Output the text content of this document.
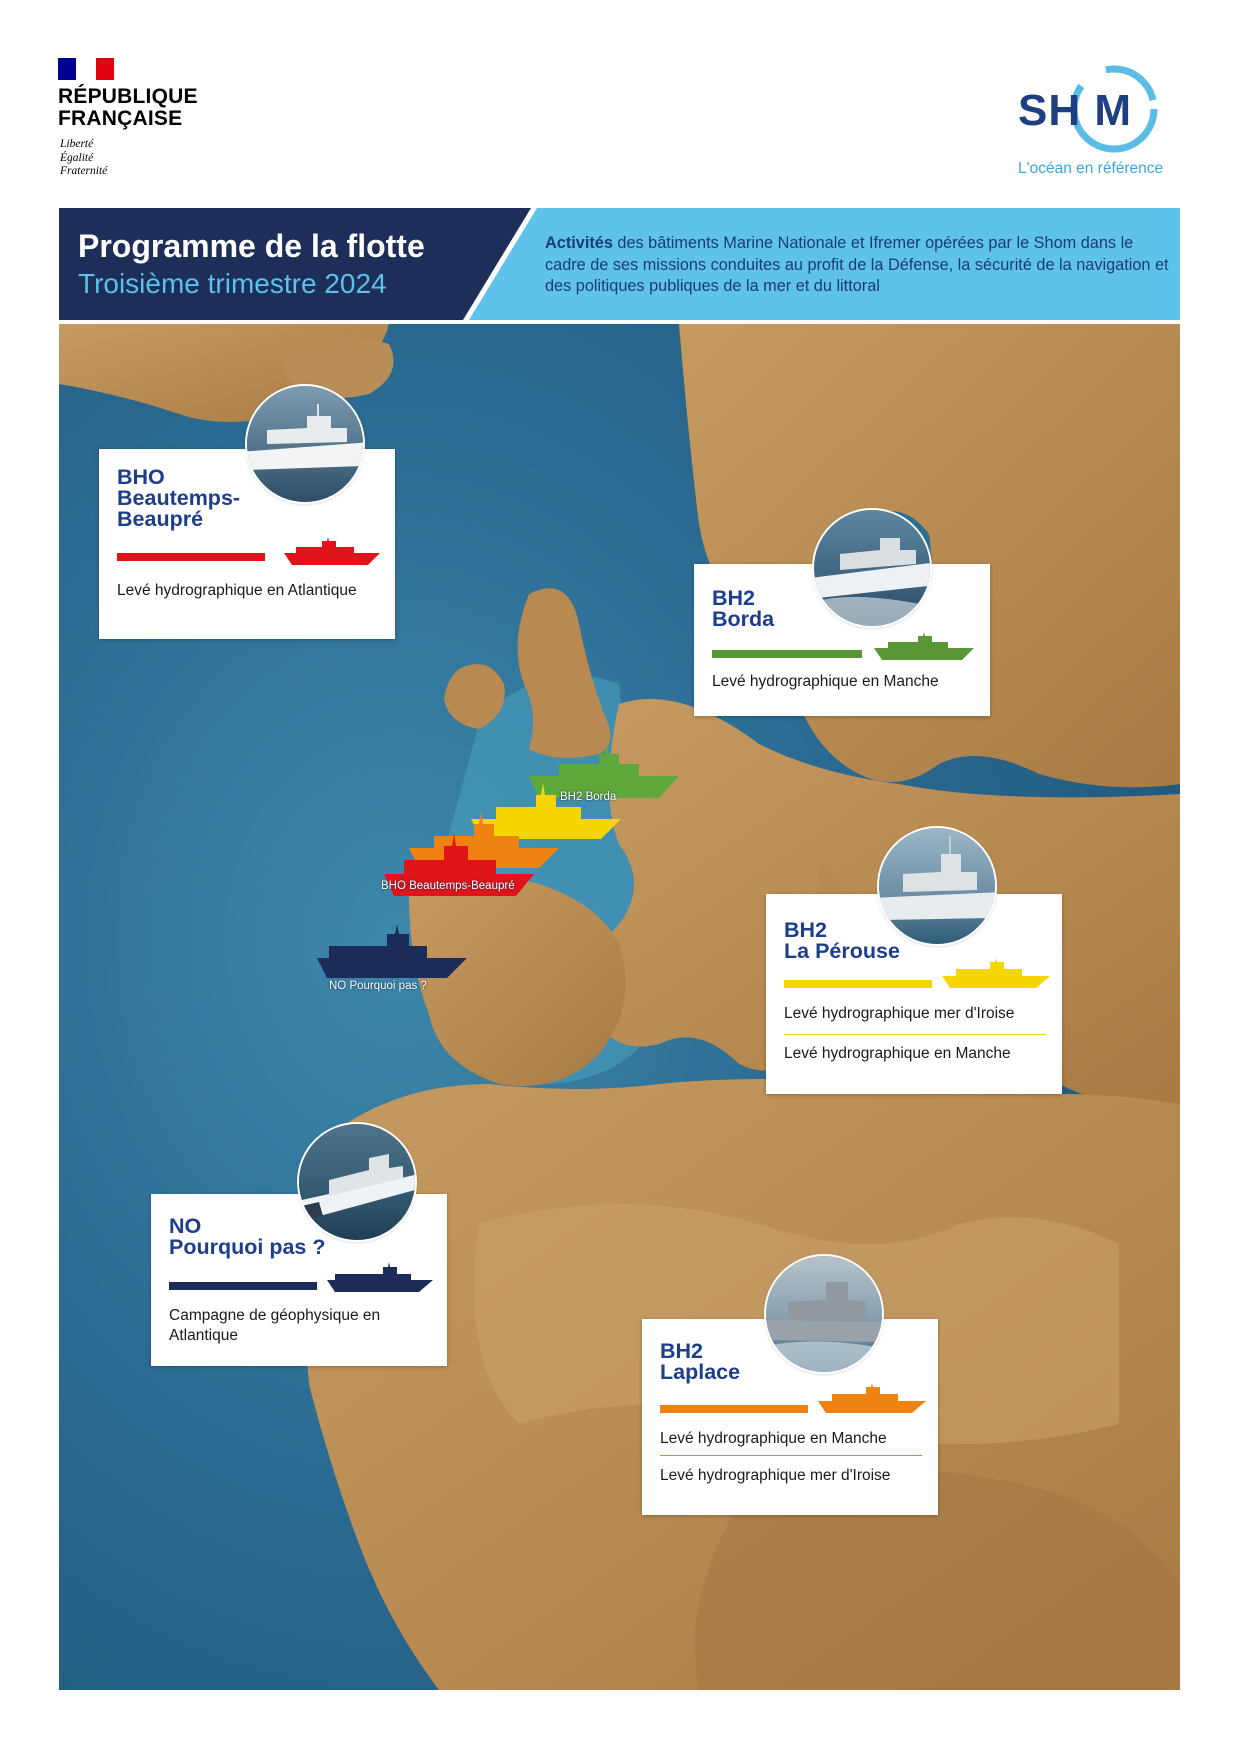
RÉPUBLIQUE
FRANÇAISE
Liberté
Égalité
Fraternité
SH M
L'océan en référence
Programme de la flotte
Troisième trimestre 2024
Activités des bâtiments Marine Nationale et Ifremer opérées par le Shom dans le cadre de ses missions conduites au profit de la Défense, la sécurité de la navigation et des politiques publiques de la mer et du littoral
BH2 Borda
BHO Beautemps-Beaupré
NO Pourquoi pas ?
BHO
Beautemps-
Beaupré
Levé hydrographique en Atlantique	BH2
Borda
Levé hydrographique en Manche
BH2
La Pérouse
Levé hydrographique mer d'Iroise
Levé hydrographique en Manche
NO
Pourquoi pas ?
Campagne de géophysique en Atlantique
BH2
Laplace
Levé hydrographique en Manche
Levé hydrographique mer d'Iroise
